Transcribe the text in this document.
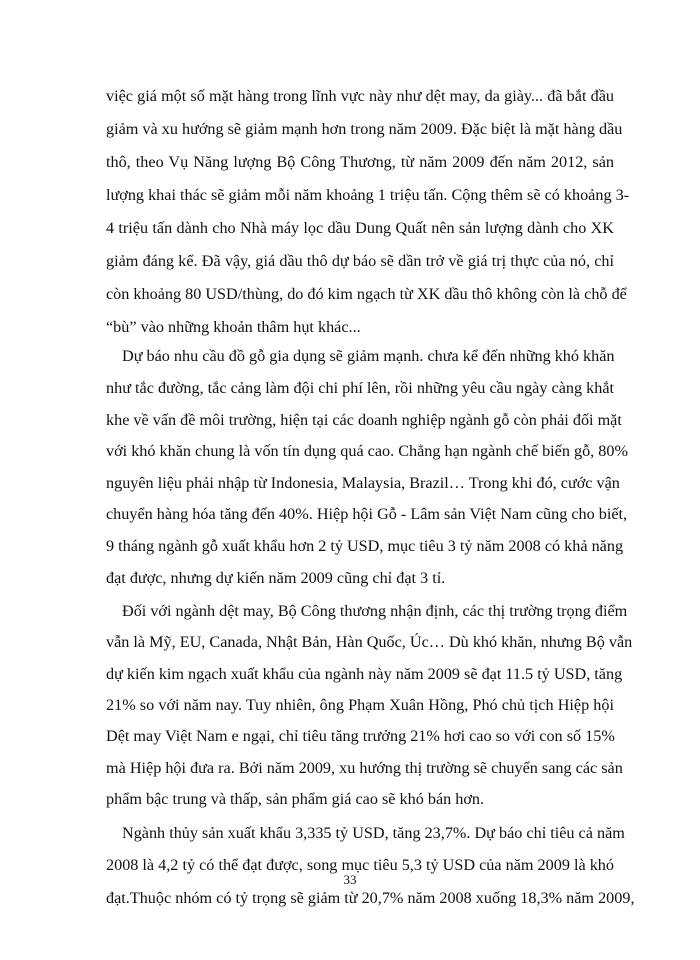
việc giá một số mặt hàng trong lĩnh vực này như dệt may, da giày... đã bắt đầu
giảm và xu hướng sẽ giảm mạnh hơn trong năm 2009. Đặc biệt là mặt hàng dầu
thô, theo Vụ Năng lượng Bộ Công Thương, từ năm 2009 đến năm 2012, sản
lượng khai thác sẽ giảm mỗi năm khoảng 1 triệu tấn. Cộng thêm sẽ có khoảng 3-
4 triệu tấn dành cho Nhà máy lọc dầu Dung Quất nên sản lượng dành cho XK
giảm đáng kể. Đã vậy, giá dầu thô dự báo sẽ dần trở về giá trị thực của nó, chỉ
còn khoảng 80 USD/thùng, do đó kim ngạch từ XK dầu thô không còn là chỗ để
“bù” vào những khoản thâm hụt khác...
Dự báo nhu cầu đồ gỗ gia dụng sẽ giảm mạnh. chưa kể đến những khó khăn
như tắc đường, tắc cảng làm đội chi phí lên, rồi những yêu cầu ngày càng khắt
khe về vấn đề môi trường, hiện tại các doanh nghiệp ngành gỗ còn phải đối mặt
với khó khăn chung là vốn tín dụng quá cao. Chẳng hạn ngành chế biến gỗ, 80%
nguyên liệu phải nhập từ Indonesia, Malaysia, Brazil… Trong khi đó, cước vận
chuyển hàng hóa tăng đến 40%. Hiệp hội Gỗ - Lâm sản Việt Nam cũng cho biết,
9 tháng ngành gỗ xuất khẩu hơn 2 tỷ USD, mục tiêu 3 tỷ năm 2008 có khả năng
đạt được, nhưng dự kiến năm 2009 cũng chỉ đạt 3 tỉ.
Đối với ngành dệt may, Bộ Công thương nhận định, các thị trường trọng điểm
vẫn là Mỹ, EU, Canada, Nhật Bản, Hàn Quốc, Úc… Dù khó khăn, nhưng Bộ vẫn
dự kiến kim ngạch xuất khẩu của ngành này năm 2009 sẽ đạt 11.5 tỷ USD, tăng
21% so với năm nay. Tuy nhiên, ông Phạm Xuân Hồng, Phó chủ tịch Hiệp hội
Dệt may Việt Nam e ngại, chỉ tiêu tăng trưởng 21% hơi cao so với con số 15%
mà Hiệp hội đưa ra. Bởi năm 2009, xu hướng thị trường sẽ chuyển sang các sản
phẩm bậc trung và thấp, sản phẩm giá cao sẽ khó bán hơn.
Ngành thủy sản xuất khẩu 3,335 tỷ USD, tăng 23,7%. Dự báo chỉ tiêu cả năm
2008 là 4,2 tỷ có thể đạt được, song mục tiêu 5,3 tỷ USD của năm 2009 là khó
đạt.Thuộc nhóm có tỷ trọng sẽ giảm từ 20,7% năm 2008 xuống 18,3% năm 2009,
33
